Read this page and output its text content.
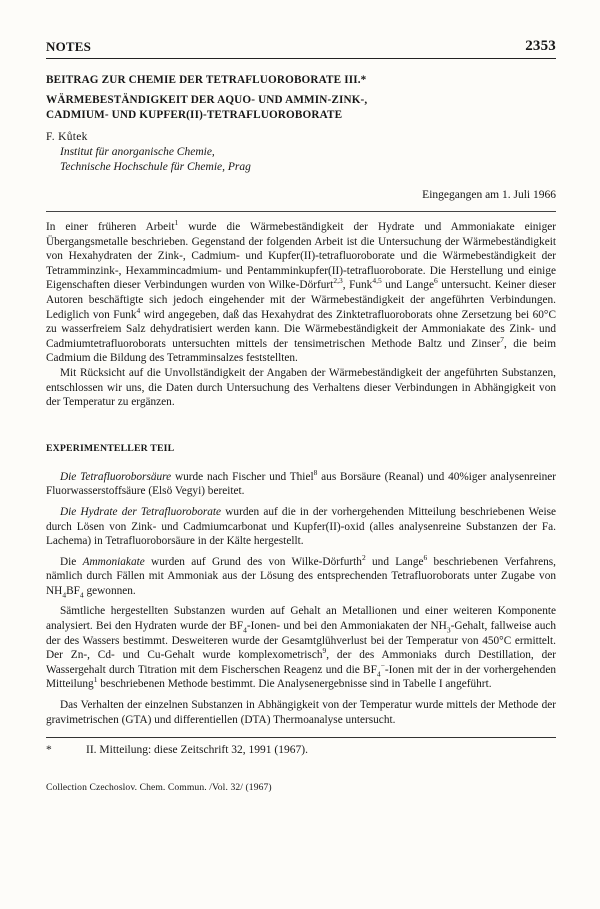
NOTES	2353
BEITRAG ZUR CHEMIE DER TETRAFLUOROBORATE III.*
WÄRMEBESTÄNDIGKEIT DER AQUO- UND AMMIN-ZINK-,
CADMIUM- UND KUPFER(II)-TETRAFLUOROBORATE
F. Kůtek
Institut für anorganische Chemie,
Technische Hochschule für Chemie, Prag
Eingegangen am 1. Juli 1966

In einer früheren Arbeit$^1$ wurde die Wärmebeständigkeit der Hydrate und Ammoniakate einiger Übergangsmetalle beschrieben. Gegenstand der folgenden Arbeit ist die Untersuchung der Wärmebeständigkeit von Hexahydraten der Zink-, Cadmium- und Kupfer(II)-tetrafluoroborate und die Wärmebeständigkeit der Tetramminzink-, Hexammincadmium- und Pentamminkupfer(II)-tetrafluoroborate. Die Herstellung und einige Eigenschaften dieser Verbindungen wurden von Wilke-Dörfurt$^{2,3}$, Funk$^{4,5}$ und Lange$^6$ untersucht. Keiner dieser Autoren beschäftigte sich jedoch eingehender mit der Wärmebeständigkeit der angeführten Verbindungen. Lediglich von Funk$^4$ wird angegeben, daß das Hexahydrat des Zinktetrafluoroborats ohne Zersetzung bei 60°C zu wasserfreiem Salz dehydratisiert werden kann. Die Wärmebeständigkeit der Ammoniakate des Zink- und Cadmiumtetrafluoroborats untersuchten mittels der tensimetrischen Methode Baltz und Zinser$^7$, die beim Cadmium die Bildung des Tetramminsalzes feststellten.

Mit Rücksicht auf die Unvollständigkeit der Angaben der Wärmebeständigkeit der angeführten Substanzen, entschlossen wir uns, die Daten durch Untersuchung des Verhaltens dieser Verbindungen in Abhängigkeit von der Temperatur zu ergänzen.

EXPERIMENTELLER TEIL

Die Tetrafluoroborsäure wurde nach Fischer und Thiel$^8$ aus Borsäure (Reanal) und 40%iger analysenreiner Fluorwasserstoffsäure (Elsö Vegyi) bereitet.

Die Hydrate der Tetrafluoroborate wurden auf die in der vorhergehenden Mitteilung beschriebenen Weise durch Lösen von Zink- und Cadmiumcarbonat und Kupfer(II)-oxid (alles analysenreine Substanzen der Fa. Lachema) in Tetrafluoroborsäure in der Kälte hergestellt.

Die Ammoniakate wurden auf Grund des von Wilke-Dörfurth$^2$ und Lange$^6$ beschriebenen Verfahrens, nämlich durch Fällen mit Ammoniak aus der Lösung des entsprechenden Tetrafluoroborats unter Zugabe von $NH_4BF_4$ gewonnen.

Sämtliche hergestellten Substanzen wurden auf Gehalt an Metallionen und einer weiteren Komponente analysiert. Bei den Hydraten wurde der $BF_4-Ionen-$ und bei den Ammoniakaten der $NH_3$-Gehalt, fallweise auch der des Wassers bestimmt. Desweiteren wurde der Gesamtglühverlust bei der Temperatur von 450°C ermittelt. Der Zn-, Cd- und Cu-Gehalt wurde komplexometrisch$^9$, der des Ammoniaks durch Destillation, der Wassergehalt durch Titration mit dem Fischerschen Reagenz und die $BF_4^-$-Ionen mit der in der vorhergehenden Mitteilung$^1$ beschriebenen Methode bestimmt. Die Analysenergebnisse sind in Tabelle I angeführt.

Das Verhalten der einzelnen Substanzen in Abhängigkeit von der Temperatur wurde mittels der Methode der gravimetrischen (GTA) und differentiellen (DTA) Thermoanalyse untersucht.

*	II. Mitteilung: diese Zeitschrift 32, 1991 (1967).
Collection Czechoslov. Chem. Commun. /Vol. 32/ (1967)
